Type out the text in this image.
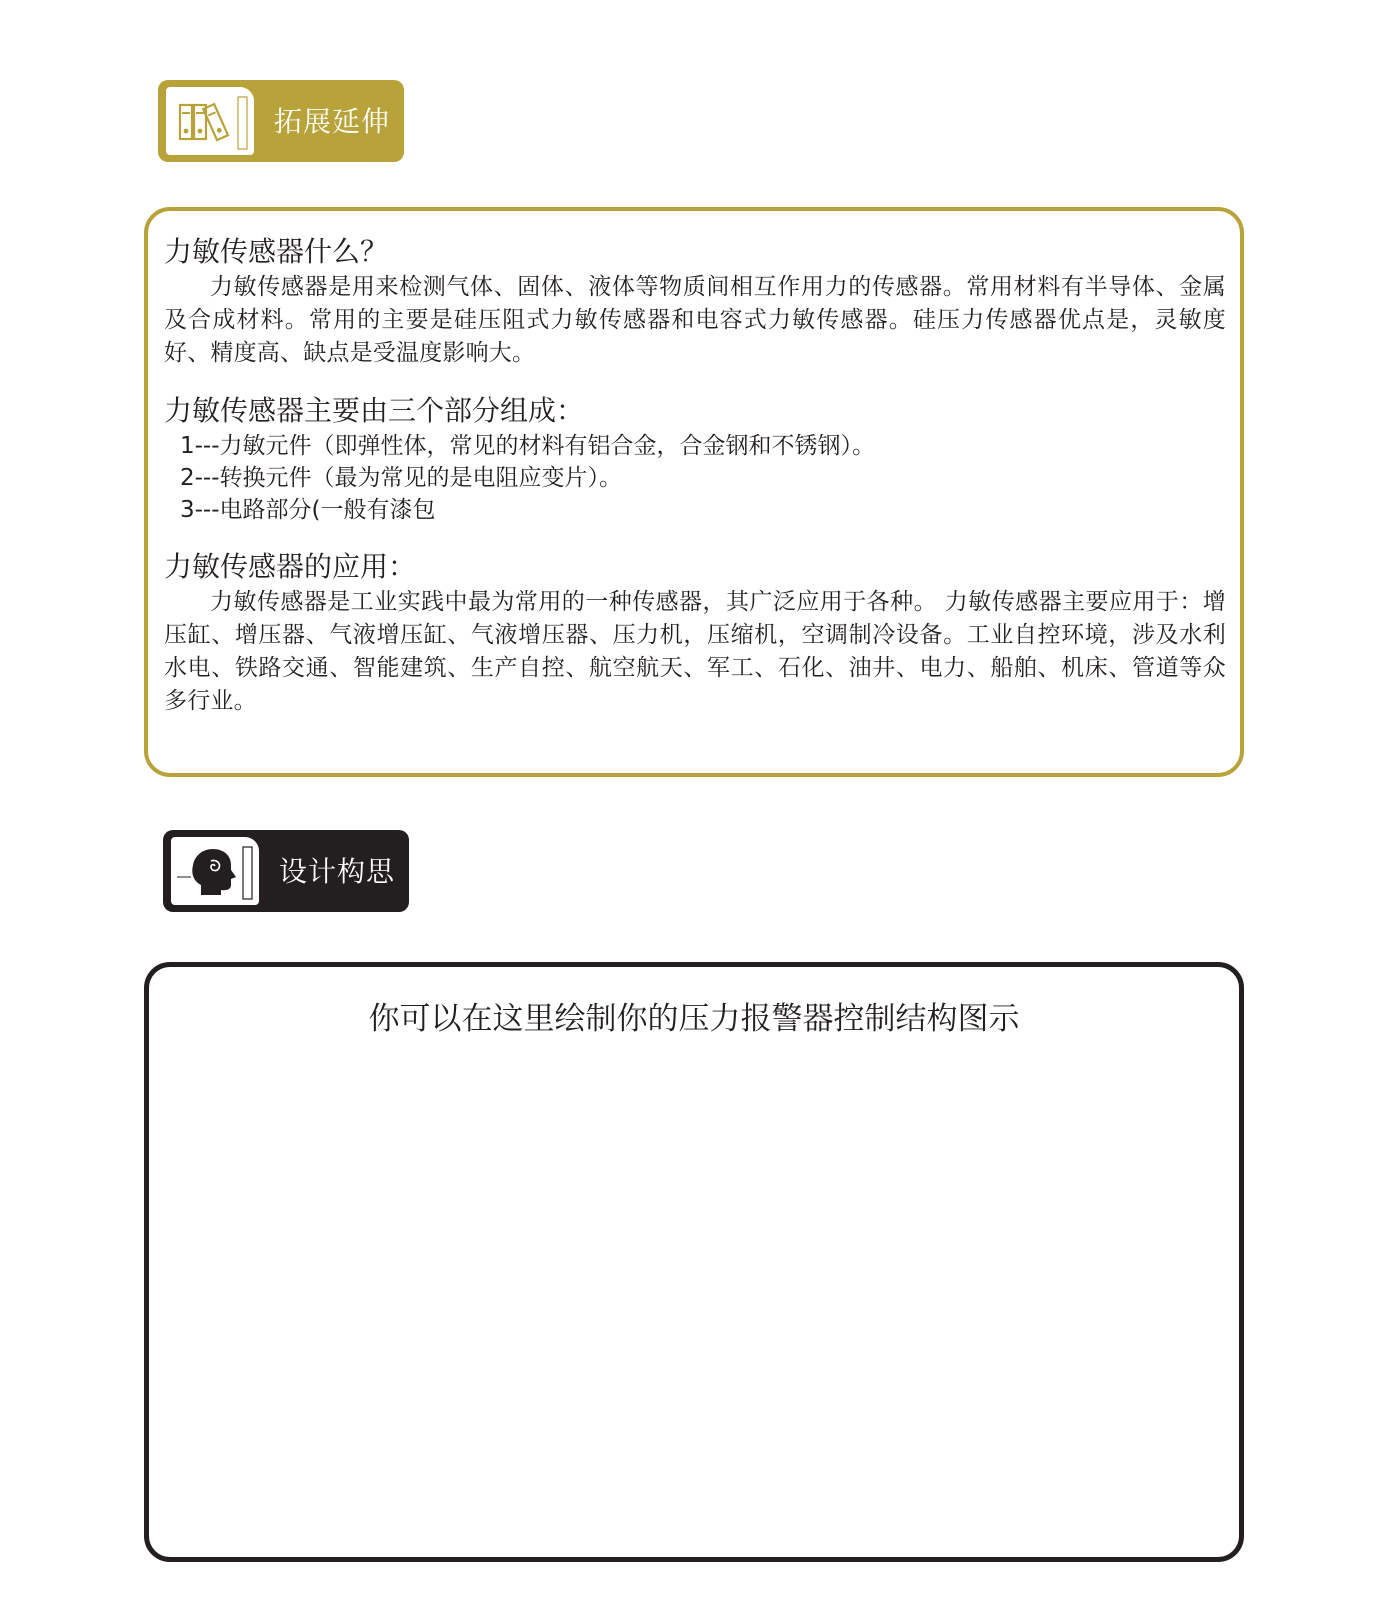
拓展延伸
力敏传感器什么？

力敏传感器是用来检测气体、固体、液体等物质间相互作用力的传感器。常用材料有半导体、金属及合成材料。常用的主要是硅压阻式力敏传感器和电容式力敏传感器。硅压力传感器优点是，灵敏度好、精度高、缺点是受温度影响大。

力敏传感器主要由三个部分组成：

1---力敏元件（即弹性体，常见的材料有铝合金，合金钢和不锈钢）。

2---转换元件（最为常见的是电阻应变片）。

3---电路部分(一般有漆包

力敏传感器的应用：

力敏传感器是工业实践中最为常用的一种传感器，其广泛应用于各种。 力敏传感器主要应用于：增压缸、增压器、气液增压缸、气液增压器、压力机，压缩机，空调制冷设备。工业自控环境，涉及水利水电、铁路交通、智能建筑、生产自控、航空航天、军工、石化、油井、电力、船舶、机床、管道等众多行业。

设计构思
你可以在这里绘制你的压力报警器控制结构图示
